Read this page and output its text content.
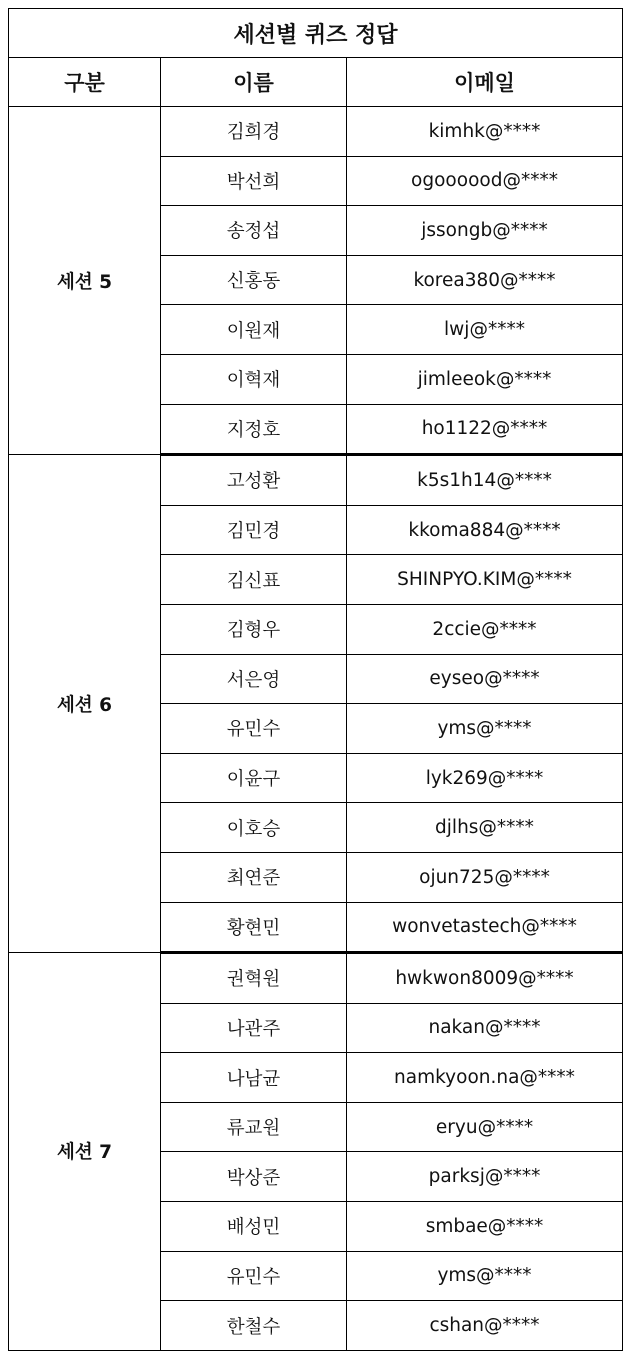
세션별 퀴즈 정답		
구분	이름	이메일
세션 5	김희경	kimhk@****
	박선희	ogoooood@****
	송정섭	jssongb@****
	신홍동	korea380@****
	이원재	lwj@****
	이혁재	jimleeok@****
	지정호	ho1122@****
세션 6	고성환	k5s1h14@****
	김민경	kkoma884@****
	김신표	SHINPYO.KIM@****
	김형우	2ccie@****
	서은영	eyseo@****
	유민수	yms@****
	이윤구	lyk269@****
	이호승	djlhs@****
	최연준	ojun725@****
	황현민	wonvetastech@****
세션 7	권혁원	hwkwon8009@****
	나관주	nakan@****
	나남균	namkyoon.na@****
	류교원	eryu@****
	박상준	parksj@****
	배성민	smbae@****
	유민수	yms@****
	한철수	cshan@****
